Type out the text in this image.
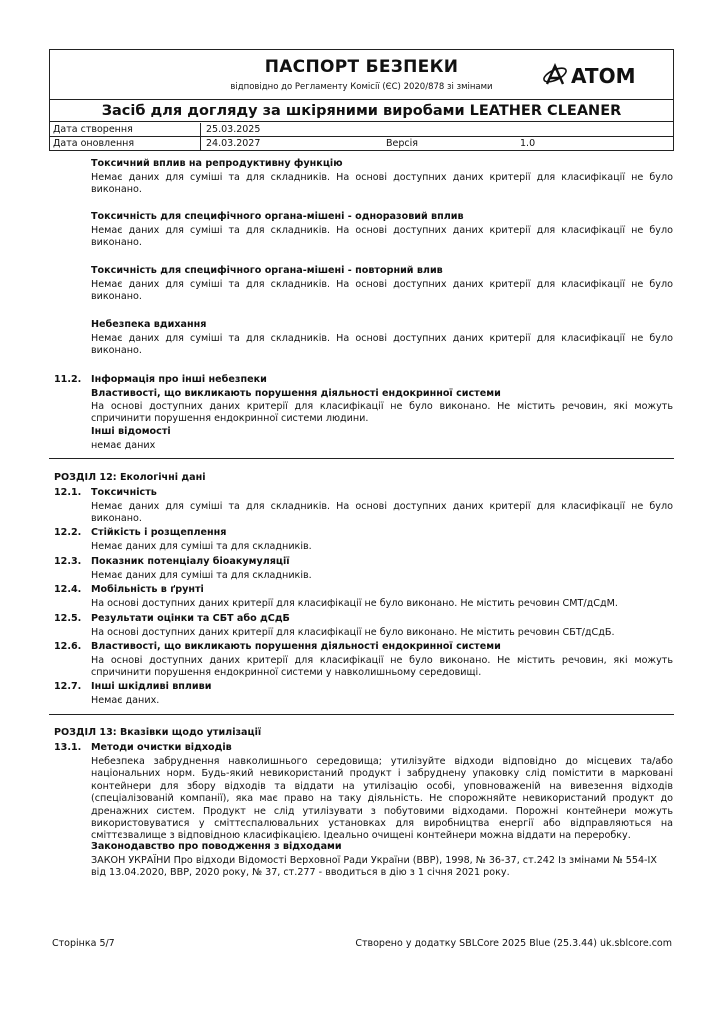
ПАСПОРТ БЕЗПЕКИ
відповідно до Регламенту Комісії (ЄС) 2020/878 зі змінами	ATOM
Засіб для догляду за шкіряними виробами LEATHER CLEANER
Дата створення	25.03.2025
Дата оновлення	24.03.2027	Версія	1.0
Токсичний вплив на репродуктивну функцію
Немає даних для суміші та для складників. На основі доступних даних критерії для класифікації не було виконано.
Токсичність для специфічного органа-мішені - одноразовий вплив
Немає даних для суміші та для складників. На основі доступних даних критерії для класифікації не було виконано.
Токсичність для специфічного органа-мішені - повторний влив
Немає даних для суміші та для складників. На основі доступних даних критерії для класифікації не було виконано.
Небезпека вдихання
Немає даних для суміші та для складників. На основі доступних даних критерії для класифікації не було виконано.
11.2. Інформація про інші небезпеки
Властивості, що викликають порушення діяльності ендокринної системи
На основі доступних даних критерії для класифікації не було виконано. Не містить речовин, які можуть спричинити порушення ендокринної системи людини.
Інші відомості
немає даних
РОЗДІЛ 12: Екологічні дані
12.1. Токсичність
Немає даних для суміші та для складників. На основі доступних даних критерії для класифікації не було виконано.
12.2. Стійкість і розщеплення
Немає даних для суміші та для складників.
12.3. Показник потенціалу біоакумуляції
Немає даних для суміші та для складників.
12.4. Мобільність в ґрунті
На основі доступних даних критерії для класифікації не було виконано. Не містить речовин СМТ/дСдМ.
12.5. Результати оцінки та СБТ або дСдБ
На основі доступних даних критерії для класифікації не було виконано. Не містить речовин СБТ/дСдБ.
12.6. Властивості, що викликають порушення діяльності ендокринної системи
На основі доступних даних критерії для класифікації не було виконано. Не містить речовин, які можуть спричинити порушення ендокринної системи у навколишньому середовищі.
12.7. Інші шкідливі впливи
Немає даних.
РОЗДІЛ 13: Вказівки щодо утилізації
13.1. Методи очистки відходів
Небезпека забруднення навколишнього середовища; утилізуйте відходи відповідно до місцевих та/або національних норм. Будь-який невикористаний продукт і забруднену упаковку слід помістити в марковані контейнери для збору відходів та віддати на утилізацію особі, уповноваженій на вивезення відходів (спеціалізованій компанії), яка має право на таку діяльність. Не спорожняйте невикористаний продукт до дренажних систем. Продукт не слід утилізувати з побутовими відходами. Порожні контейнери можуть використовуватися у сміттєспалювальних установках для виробництва енергії або відправляються на сміттєзвалище з відповідною класифікацією. Ідеально очищені контейнери можна віддати на переробку.
Законодавство про поводження з відходами
ЗАКОН УКРАЇНИ Про відходи Відомості Верховної Ради України (ВВР), 1998, № 36-37, ст.242 Із змінами № 554-IX від 13.04.2020, ВВР, 2020 року, № 37, ст.277 - вводиться в дію з 1 січня 2021 року.
Сторінка 5/7	Створено у додатку SBLCore 2025 Blue (25.3.44) uk.sblcore.com
